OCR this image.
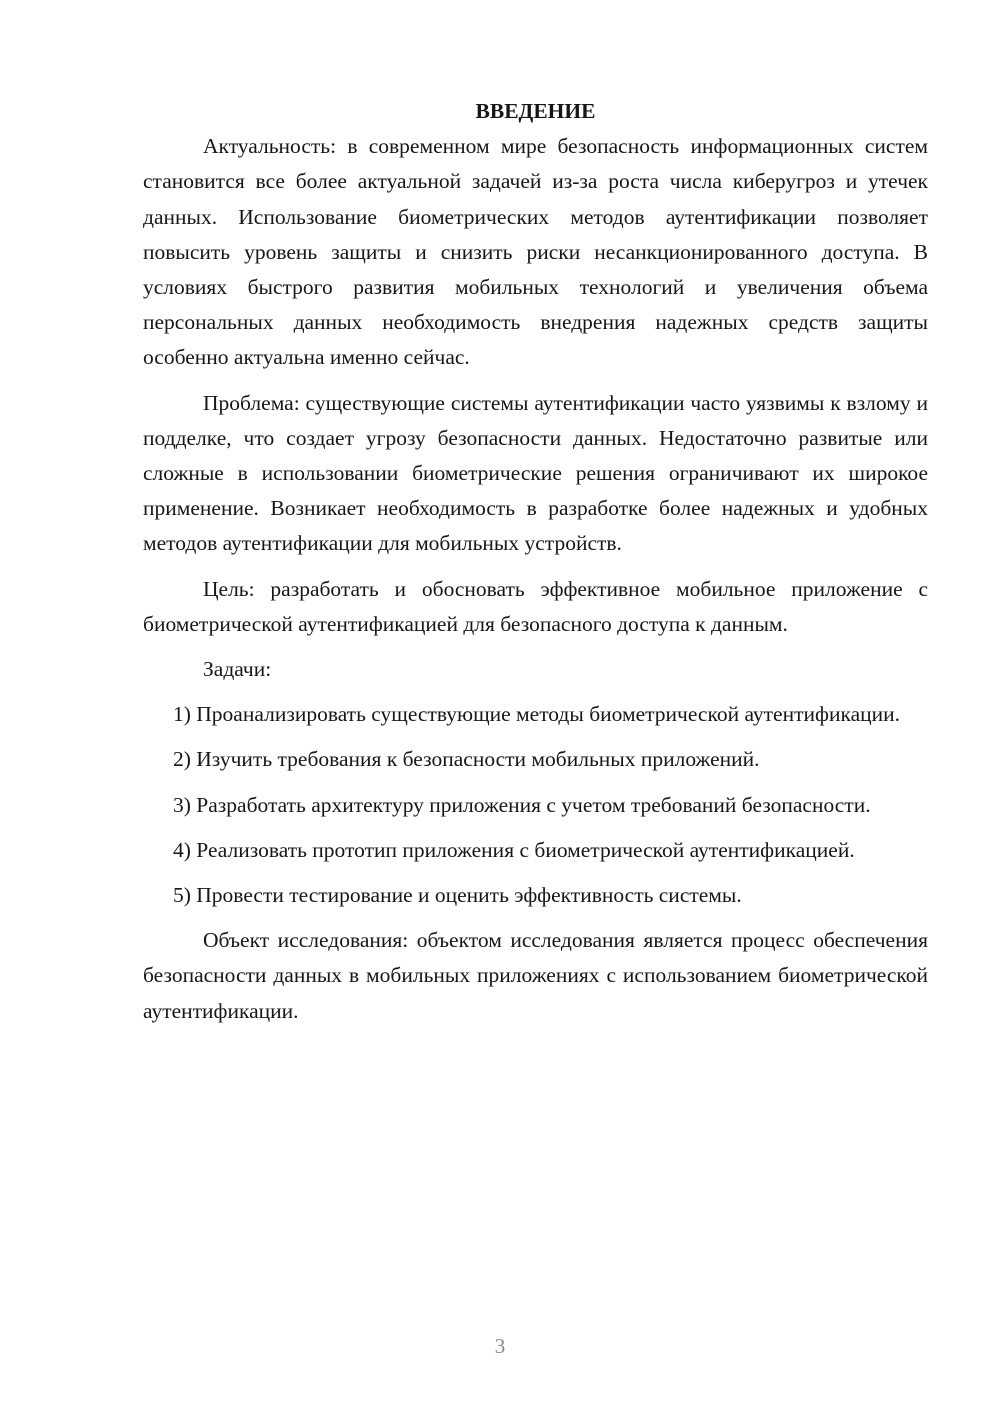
ВВЕДЕНИЕ

Актуальность: в современном мире безопасность информационных систем становится все более актуальной задачей из-за роста числа киберугроз и утечек данных. Использование биометрических методов аутентификации позволяет повысить уровень защиты и снизить риски несанкционированного доступа. В условиях быстрого развития мобильных технологий и увеличения объема персональных данных необходимость внедрения надежных средств защиты особенно актуальна именно сейчас.

Проблема: существующие системы аутентификации часто уязвимы к взлому и подделке, что создает угрозу безопасности данных. Недостаточно развитые или сложные в использовании биометрические решения ограничивают их широкое применение. Возникает необходимость в разработке более надежных и удобных методов аутентификации для мобильных устройств.

Цель: разработать и обосновать эффективное мобильное приложение с биометрической аутентификацией для безопасного доступа к данным.

Задачи:

1) Проанализировать существующие методы биометрической аутентификации.

2) Изучить требования к безопасности мобильных приложений.

3) Разработать архитектуру приложения с учетом требований безопасности.

4) Реализовать прототип приложения с биометрической аутентификацией.

5) Провести тестирование и оценить эффективность системы.

Объект исследования: объектом исследования является процесс обеспечения безопасности данных в мобильных приложениях с использованием биометрической аутентификации.

3
